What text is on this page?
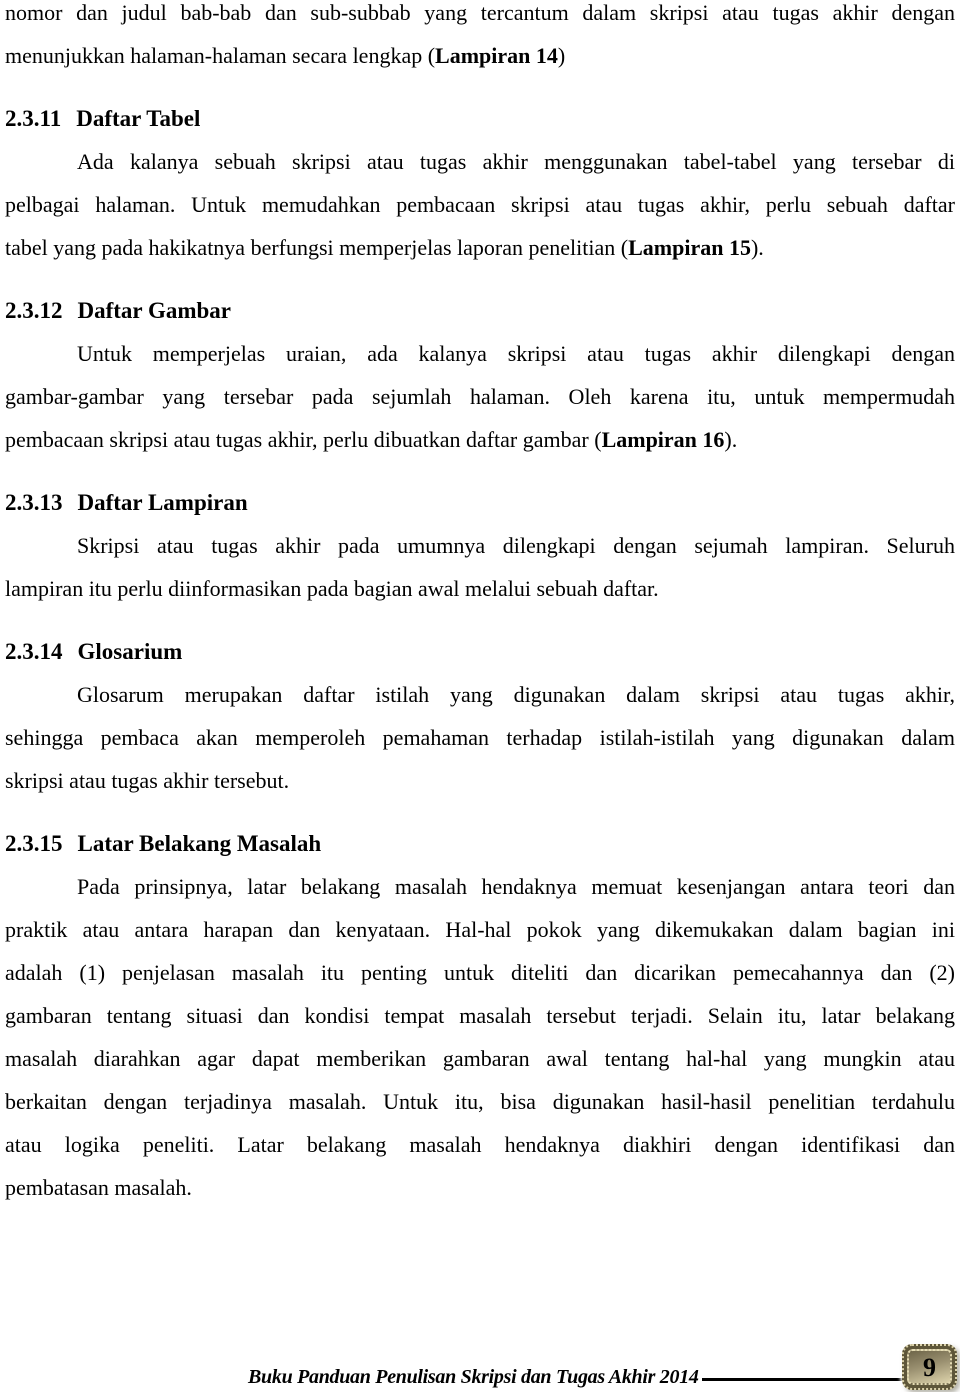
nomor dan judul bab-bab dan sub-subbab yang tercantum dalam skripsi atau tugas akhir dengan
menunjukkan halaman-halaman secara lengkap (Lampiran 14)
2.3.11 Daftar Tabel
Ada kalanya sebuah skripsi atau tugas akhir menggunakan tabel-tabel yang tersebar di
pelbagai halaman. Untuk memudahkan pembacaan skripsi atau tugas akhir, perlu sebuah daftar
tabel yang pada hakikatnya berfungsi memperjelas laporan penelitian (Lampiran 15).
2.3.12 Daftar Gambar
Untuk memperjelas uraian, ada kalanya skripsi atau tugas akhir dilengkapi dengan
gambar-gambar yang tersebar pada sejumlah halaman. Oleh karena itu, untuk mempermudah
pembacaan skripsi atau tugas akhir, perlu dibuatkan daftar gambar (Lampiran 16).
2.3.13 Daftar Lampiran
Skripsi atau tugas akhir pada umumnya dilengkapi dengan sejumah lampiran. Seluruh
lampiran itu perlu diinformasikan pada bagian awal melalui sebuah daftar.
2.3.14 Glosarium
Glosarum merupakan daftar istilah yang digunakan dalam skripsi atau tugas akhir,
sehingga pembaca akan memperoleh pemahaman terhadap istilah-istilah yang digunakan dalam
skripsi atau tugas akhir tersebut.
2.3.15 Latar Belakang Masalah
Pada prinsipnya, latar belakang masalah hendaknya memuat kesenjangan antara teori dan
praktik atau antara harapan dan kenyataan. Hal-hal pokok yang dikemukakan dalam bagian ini
adalah (1) penjelasan masalah itu penting untuk diteliti dan dicarikan pemecahannya dan (2)
gambaran tentang situasi dan kondisi tempat masalah tersebut terjadi. Selain itu, latar belakang
masalah diarahkan agar dapat memberikan gambaran awal tentang hal-hal yang mungkin atau
berkaitan dengan terjadinya masalah. Untuk itu, bisa digunakan hasil-hasil penelitian terdahulu
atau logika peneliti. Latar belakang masalah hendaknya diakhiri dengan identifikasi dan
pembatasan masalah.
Buku Panduan Penulisan Skripsi dan Tugas Akhir 2014	9
